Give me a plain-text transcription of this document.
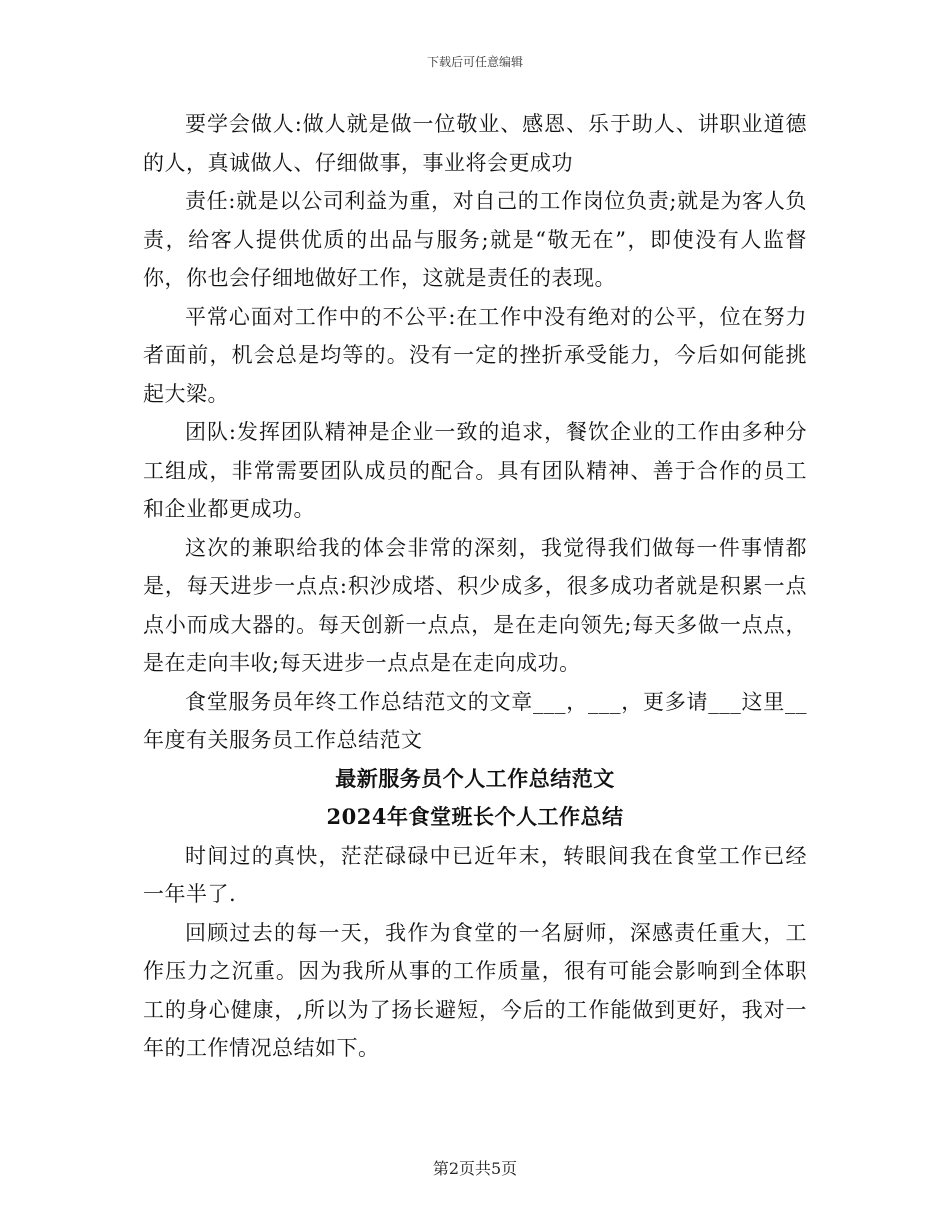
下载后可任意编辑

要学会做人:做人就是做一位敬业、感恩、乐于助人、讲职业道德的人，真诚做人、仔细做事，事业将会更成功

责任:就是以公司利益为重，对自己的工作岗位负责;就是为客人负责，给客人提供优质的出品与服务;就是“敬无在”，即使没有人监督你，你也会仔细地做好工作，这就是责任的表现。

平常心面对工作中的不公平:在工作中没有绝对的公平，位在努力者面前，机会总是均等的。没有一定的挫折承受能力，今后如何能挑起大梁。

团队:发挥团队精神是企业一致的追求，餐饮企业的工作由多种分工组成，非常需要团队成员的配合。具有团队精神、善于合作的员工和企业都更成功。

这次的兼职给我的体会非常的深刻，我觉得我们做每一件事情都是，每天进步一点点:积沙成塔、积少成多，很多成功者就是积累一点点小而成大器的。每天创新一点点，是在走向领先;每天多做一点点，是在走向丰收;每天进步一点点是在走向成功。

食堂服务员年终工作总结范文的文章___，___，更多请___这里__年度有关服务员工作总结范文

最新服务员个人工作总结范文
2024年食堂班长个人工作总结

时间过的真快，茫茫碌碌中已近年末，转眼间我在食堂工作已经一年半了.

回顾过去的每一天，我作为食堂的一名厨师，深感责任重大，工作压力之沉重。因为我所从事的工作质量，很有可能会影响到全体职工的身心健康，,所以为了扬长避短，今后的工作能做到更好，我对一年的工作情况总结如下。

第2页共5页
